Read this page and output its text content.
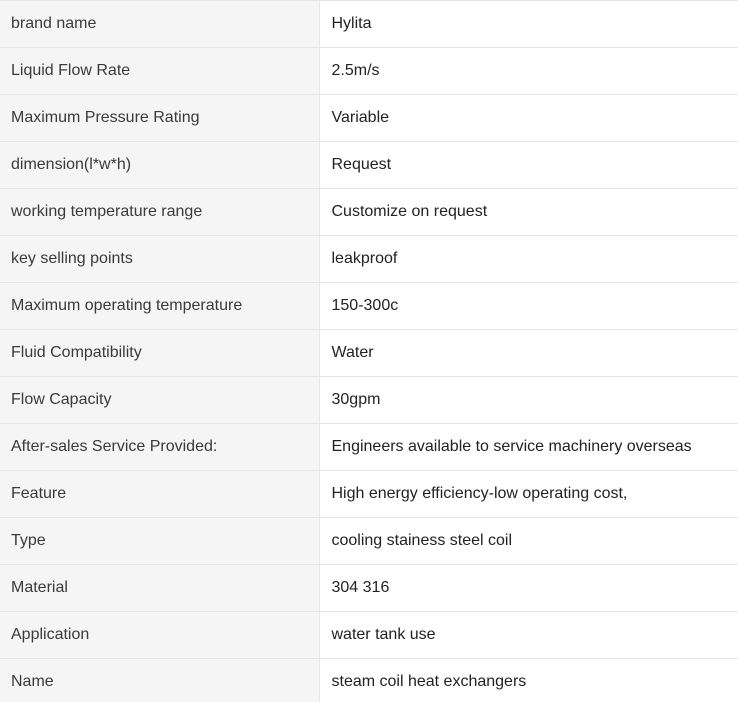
brand name	Hylita
Liquid Flow Rate	2.5m/s
Maximum Pressure Rating	Variable
dimension(l*w*h)	Request
working temperature range	Customize on request
key selling points	leakproof
Maximum operating temperature	150-300c
Fluid Compatibility	Water
Flow Capacity	30gpm
After-sales Service Provided:	Engineers available to service machinery overseas
Feature	High energy efficiency-low operating cost,
Type	cooling stainess steel coil
Material	304 316
Application	water tank use
Name	steam coil heat exchangers
